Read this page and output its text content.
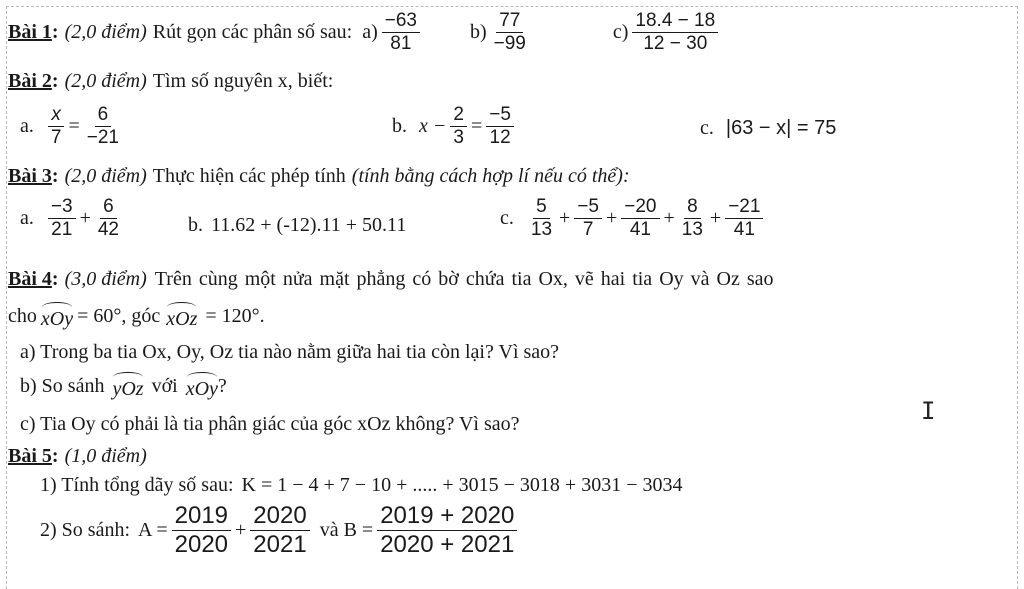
Bài 1: (2,0 điểm) Rút gọn các phân số sau: $a) \frac{-63}{81}$	$b) \frac{77}{-99}$	$c) \frac{18.4 - 18}{12 - 30}$
Bài 2: (2,0 điểm) Tìm số nguyên x, biết:
a. $\frac{x}{7} = \frac{6}{-21}$	b. $x - \frac{2}{3} = \frac{-5}{12}$	c. |63 − x| = 75
Bài 3: (2,0 điểm) Thực hiện các phép tính (tính bằng cách hợp lí nếu có thể):
a. $\frac{-3}{21} + \frac{6}{42}$	b. 11.62 + (-12).11 + 50.11	c. $\frac{5}{13} + \frac{-5}{7} + \frac{-20}{41} + \frac{8}{13} + \frac{-21}{41}$
Bài 4: (3,0 điểm) Trên cùng một nửa mặt phẳng có bờ chứa tia Ox, vẽ hai tia Oy và Oz sao
cho xOy = 60°, góc xOz = 120°.
a) Trong ba tia Ox, Oy, Oz tia nào nằm giữa hai tia còn lại? Vì sao?
b) So sánh yOz với xOy ?
c) Tia Oy có phải là tia phân giác của góc xOz không? Vì sao?
Bài 5: (1,0 điểm)
1) Tính tổng dãy số sau: K = 1 − 4 + 7 − 10 + ..... + 3015 − 3018 + 3031 − 3034
2) So sánh: $A = \frac{2019}{2020} + \frac{2020}{2021}$ và $B = \frac{2019 + 2020}{2020 + 2021}$
I
